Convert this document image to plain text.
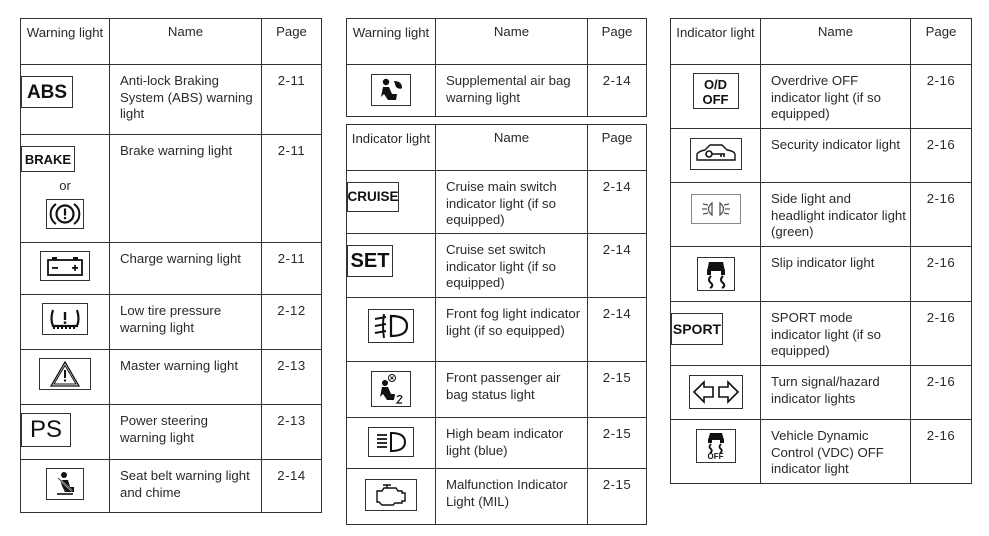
Warning light	Name	Page

ABS	Anti-lock Braking System (ABS) warning light	2-11

BRAKE
or	Brake warning light	2-11

	Charge warning light	2-11

	Low tire pressure warning light	2-12

	Master warning light	2-13

PS	Power steering warning light	2-13

	Seat belt warning light and chime	2-14
Warning light	Name	Page

	Supplemental air bag warning light	2-14
Indicator light	Name	Page

CRUISE	Cruise main switch indicator light (if so equipped)	2-14

SET	Cruise set switch indicator light (if so equipped)	2-14

	Front fog light indicator light (if so equipped)	2-14

	Front passenger air bag status light	2-15

	High beam indicator light (blue)	2-15

	Malfunction Indicator Light (MIL)	2-15
Indicator light	Name	Page

O/D
OFF	Overdrive OFF indicator light (if so equipped)	2-16

	Security indicator light	2-16

	Side light and headlight indicator light (green)	2-16

	Slip indicator light	2-16

SPORT	SPORT mode indicator light (if so equipped)	2-16

	Turn signal/hazard indicator lights	2-16

OFF	Vehicle Dynamic Control (VDC) OFF indicator light	2-16
